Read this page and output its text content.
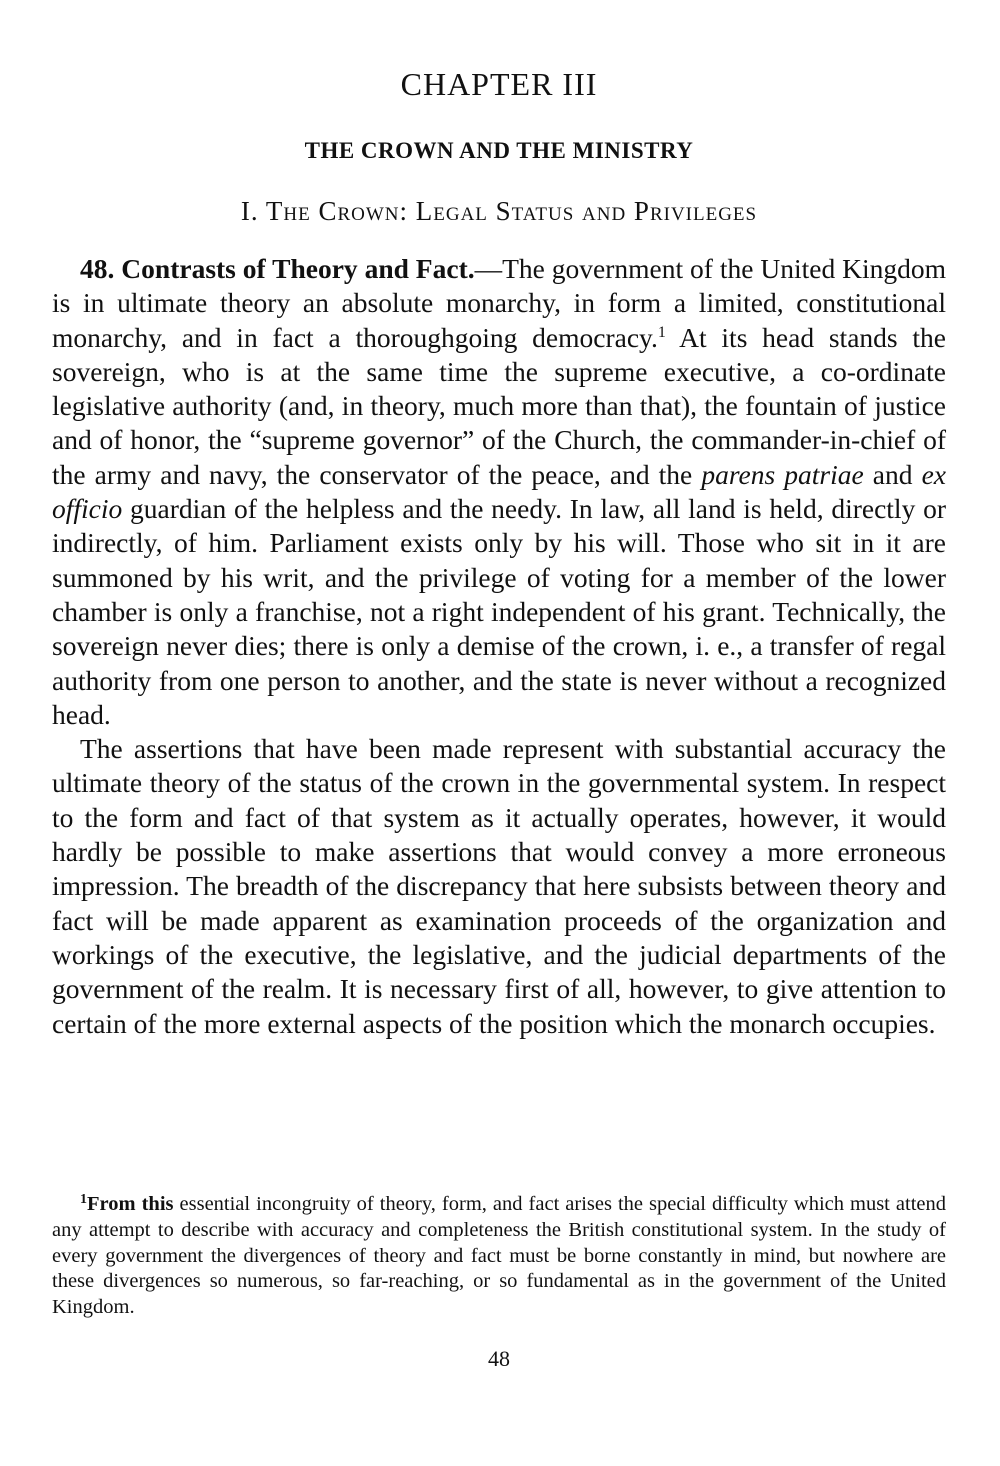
CHAPTER III
THE CROWN AND THE MINISTRY
I. The Crown: Legal Status and Privileges

48. Contrasts of Theory and Fact.—The government of the United Kingdom is in ultimate theory an absolute monarchy, in form a limited, constitutional monarchy, and in fact a thoroughgoing democracy.$^1$ At its head stands the sovereign, who is at the same time the supreme executive, a co-ordinate legislative authority (and, in theory, much more than that), the fountain of justice and of honor, the “supreme governor” of the Church, the commander-in-chief of the army and navy, the conservator of the peace, and the parens patriae and ex officio guardian of the helpless and the needy. In law, all land is held, directly or indirectly, of him. Parliament exists only by his will. Those who sit in it are summoned by his writ, and the privilege of voting for a member of the lower chamber is only a franchise, not a right independent of his grant. Technically, the sovereign never dies; there is only a demise of the crown, i. e., a transfer of regal authority from one person to another, and the state is never without a recognized head.

The assertions that have been made represent with substantial accuracy the ultimate theory of the status of the crown in the governmental system. In respect to the form and fact of that system as it actually operates, however, it would hardly be possible to make assertions that would convey a more erroneous impression. The breadth of the discrepancy that here subsists between theory and fact will be made apparent as examination proceeds of the organization and workings of the executive, the legislative, and the judicial departments of the government of the realm. It is necessary first of all, however, to give attention to certain of the more external aspects of the position which the monarch occupies.

$^1$From this essential incongruity of theory, form, and fact arises the special difficulty which must attend any attempt to describe with accuracy and completeness the British constitutional system. In the study of every government the divergences of theory and fact must be borne constantly in mind, but nowhere are these divergences so numerous, so far-reaching, or so fundamental as in the government of the United Kingdom.

48
